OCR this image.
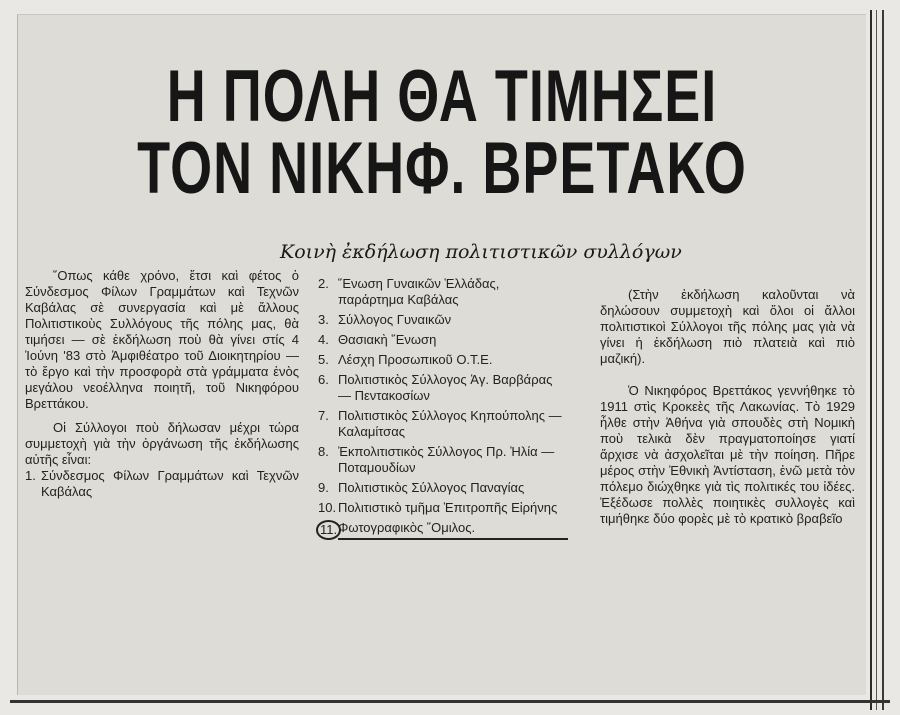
Η ΠΟΛΗ ΘΑ ΤΙΜΗΣΕΙ
ΤΟΝ ΝΙΚΗΦ. ΒΡΕΤΑΚΟ
Κοινὴ ἐκδήλωση πολιτιστικῶν συλλόγων

῞Οπως κάθε χρόνο, ἔτσι καὶ φέτος ὁ Σύνδεσμος Φίλων Γραμμάτων καὶ Τεχνῶν Καβάλας σὲ συνεργασία καὶ μὲ ἄλλους Πολιτιστικοὺς Συλλόγους τῆς πόλης μας, θὰ τιμήσει — σὲ ἐκδήλωση ποὺ θὰ γίνει στίς 4 Ἰούνη '83 στὸ Ἀμφιθέατρο τοῦ Διοικητηρίου — τὸ ἔργο καὶ τὴν προσφορὰ στὰ γράμματα ἑνὸς μεγάλου νεοέλληνα ποιητῆ, τοῦ Νικηφόρου Βρεττάκου.

Οἱ Σύλλογοι ποὺ δήλωσαν μέχρι τώρα συμμετοχὴ γιὰ τὴν ὀργάνωση τῆς ἐκδήλωσης αὐτῆς εἶναι:

1. Σύνδεσμος Φίλων Γραμμάτων καὶ Τεχνῶν Καβάλας
2. ῞Ενωση Γυναικῶν Ἑλλάδας, παράρτημα Καβάλας
3. Σύλλογος Γυναικῶν
4. Θασιακὴ ῞Ενωση
5. Λέσχη Προσωπικοῦ Ο.Τ.Ε.
6. Πολιτιστικὸς Σύλλογος Ἁγ. Βαρβάρας — Πεντακοσίων
7. Πολιτιστικὸς Σύλλογος Κηπούπολης — Καλαμίτσας
8. Ἐκπολιτιστικὸς Σύλλογος Πρ. Ἠλία — Ποταμουδίων
9. Πολιτιστικὸς Σύλλογος Παναγίας
10. Πολιτιστικὸ τμῆμα Ἐπιτροπῆς Εἰρήνης
11. Φωτογραφικὸς ῞Ομιλος.

(Στὴν ἐκδήλωση καλοῦνται νὰ δηλώσουν συμμετοχὴ καὶ ὅλοι οἱ ἄλλοι πολιτιστικοὶ Σύλλογοι τῆς πόλης μας γιὰ νὰ γίνει ἡ ἐκδήλωση πιὸ πλατειὰ καὶ πιὸ μαζική).

Ὁ Νικηφόρος Βρεττάκος γεννήθηκε τὸ 1911 στὶς Κροκεὲς τῆς Λακωνίας. Τὸ 1929 ἦλθε στὴν Ἀθήνα γιὰ σπουδὲς στὴ Νομικὴ ποὺ τελικὰ δὲν πραγματοποίησε γιατί ἄρχισε νὰ ἀσχολεῖται μὲ τὴν ποίηση. Πῆρε μέρος στὴν Ἐθνικὴ Ἀντίσταση, ἐνῶ μετὰ τὸν πόλεμο διώχθηκε γιὰ τὶς πολιτικές του ἰδέες. Ἐξέδωσε πολλὲς ποιητικὲς συλλογὲς καὶ τιμήθηκε δύο φορὲς μὲ τὸ κρατικὸ βραβεῖο
